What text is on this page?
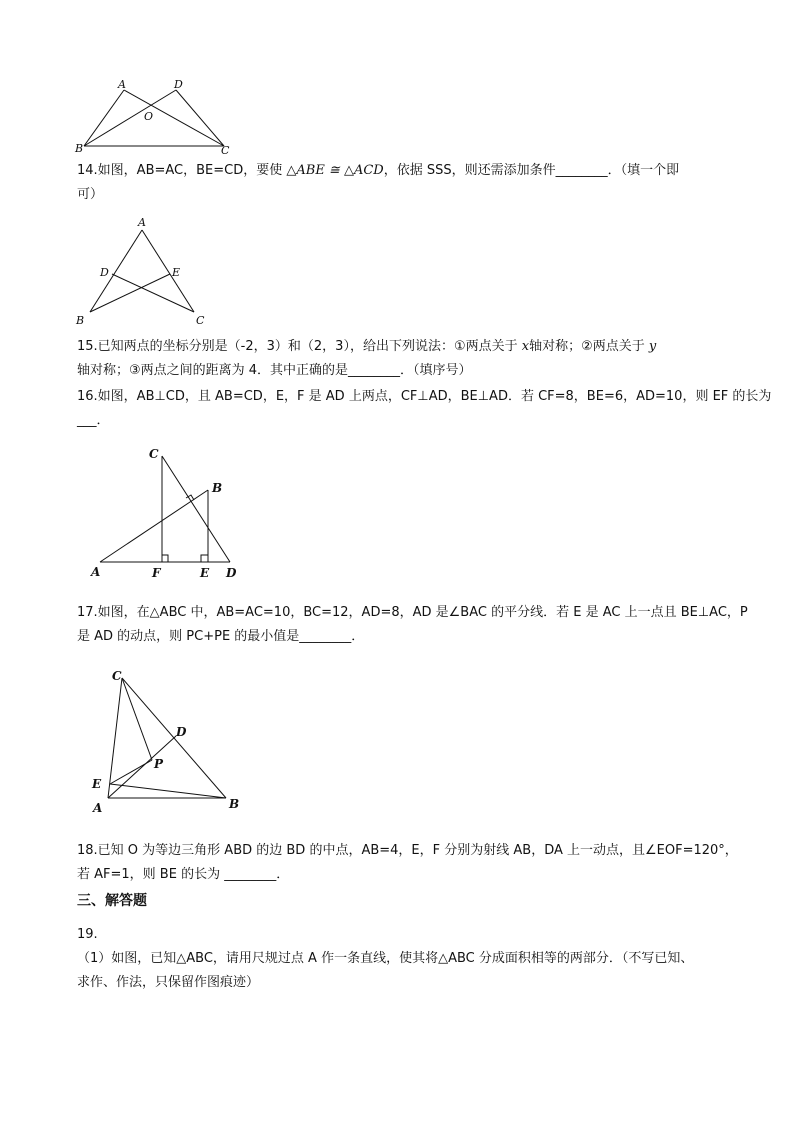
A	D
O
B	C
14.如图，AB=AC，BE=CD，要使 △ABE ≅ △ACD，依据 SSS，则还需添加条件________．（填一个即
可）
A
D	E
B	C
15.已知两点的坐标分别是（-2，3）和（2，3），给出下列说法：①两点关于 x轴对称；②两点关于 y
轴对称；③两点之间的距离为 4．其中正确的是________．（填序号）
16.如图，AB⊥CD，且 AB=CD，E，F 是 AD 上两点，CF⊥AD，BE⊥AD．若 CF=8，BE=6，AD=10，则 EF 的长为
___．
C
B
A	F	E D
17.如图，在△ABC 中，AB=AC=10，BC=12，AD=8，AD 是∠BAC 的平分线．若 E 是 AC 上一点且 BE⊥AC，P
是 AD 的动点，则 PC+PE 的最小值是________．
C
D
P
E
A	B
18.已知 O 为等边三角形 ABD 的边 BD 的中点，AB=4，E，F 分别为射线 AB，DA 上一动点，且∠EOF=120°，
若 AF=1，则 BE 的长为 ________．
三、解答题
19.
（1）如图，已知△ABC，请用尺规过点 A 作一条直线，使其将△ABC 分成面积相等的两部分．（不写已知、
求作、作法，只保留作图痕迹）
